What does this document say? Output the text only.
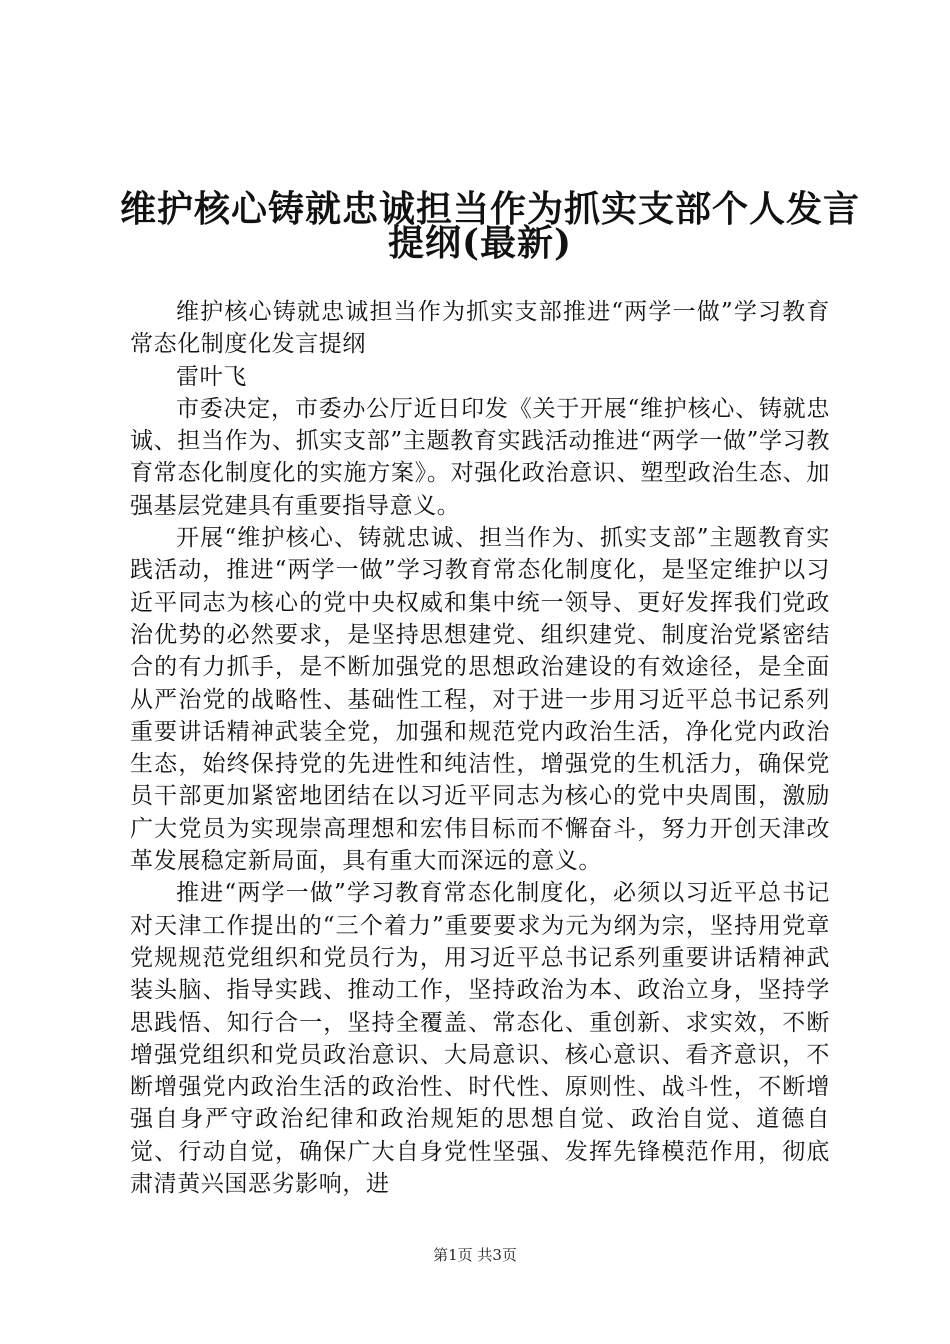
维护核心铸就忠诚担当作为抓实支部个人发言
提纲(最新)

维护核心铸就忠诚担当作为抓实支部推进“两学一做”学习教育常态化制度化发言提纲

雷叶飞

市委决定，市委办公厅近日印发《关于开展“维护核心、铸就忠诚、担当作为、抓实支部”主题教育实践活动推进“两学一做”学习教育常态化制度化的实施方案》。对强化政治意识、塑型政治生态、加强基层党建具有重要指导意义。

开展“维护核心、铸就忠诚、担当作为、抓实支部”主题教育实践活动，推进“两学一做”学习教育常态化制度化，是坚定维护以习近平同志为核心的党中央权威和集中统一领导、更好发挥我们党政治优势的必然要求，是坚持思想建党、组织建党、制度治党紧密结合的有力抓手，是不断加强党的思想政治建设的有效途径，是全面从严治党的战略性、基础性工程，对于进一步用习近平总书记系列重要讲话精神武装全党，加强和规范党内政治生活，净化党内政治生态，始终保持党的先进性和纯洁性，增强党的生机活力，确保党员干部更加紧密地团结在以习近平同志为核心的党中央周围，激励广大党员为实现崇高理想和宏伟目标而不懈奋斗，努力开创天津改革发展稳定新局面，具有重大而深远的意义。

推进“两学一做”学习教育常态化制度化，必须以习近平总书记对天津工作提出的“三个着力”重要要求为元为纲为宗，坚持用党章党规规范党组织和党员行为，用习近平总书记系列重要讲话精神武装头脑、指导实践、推动工作，坚持政治为本、政治立身，坚持学思践悟、知行合一，坚持全覆盖、常态化、重创新、求实效，不断增强党组织和党员政治意识、大局意识、核心意识、看齐意识，不断增强党内政治生活的政治性、时代性、原则性、战斗性，不断增强自身严守政治纪律和政治规矩的思想自觉、政治自觉、道德自觉、行动自觉，确保广大自身党性坚强、发挥先锋模范作用，彻底肃清黄兴国恶劣影响，进

第1页 共3页
